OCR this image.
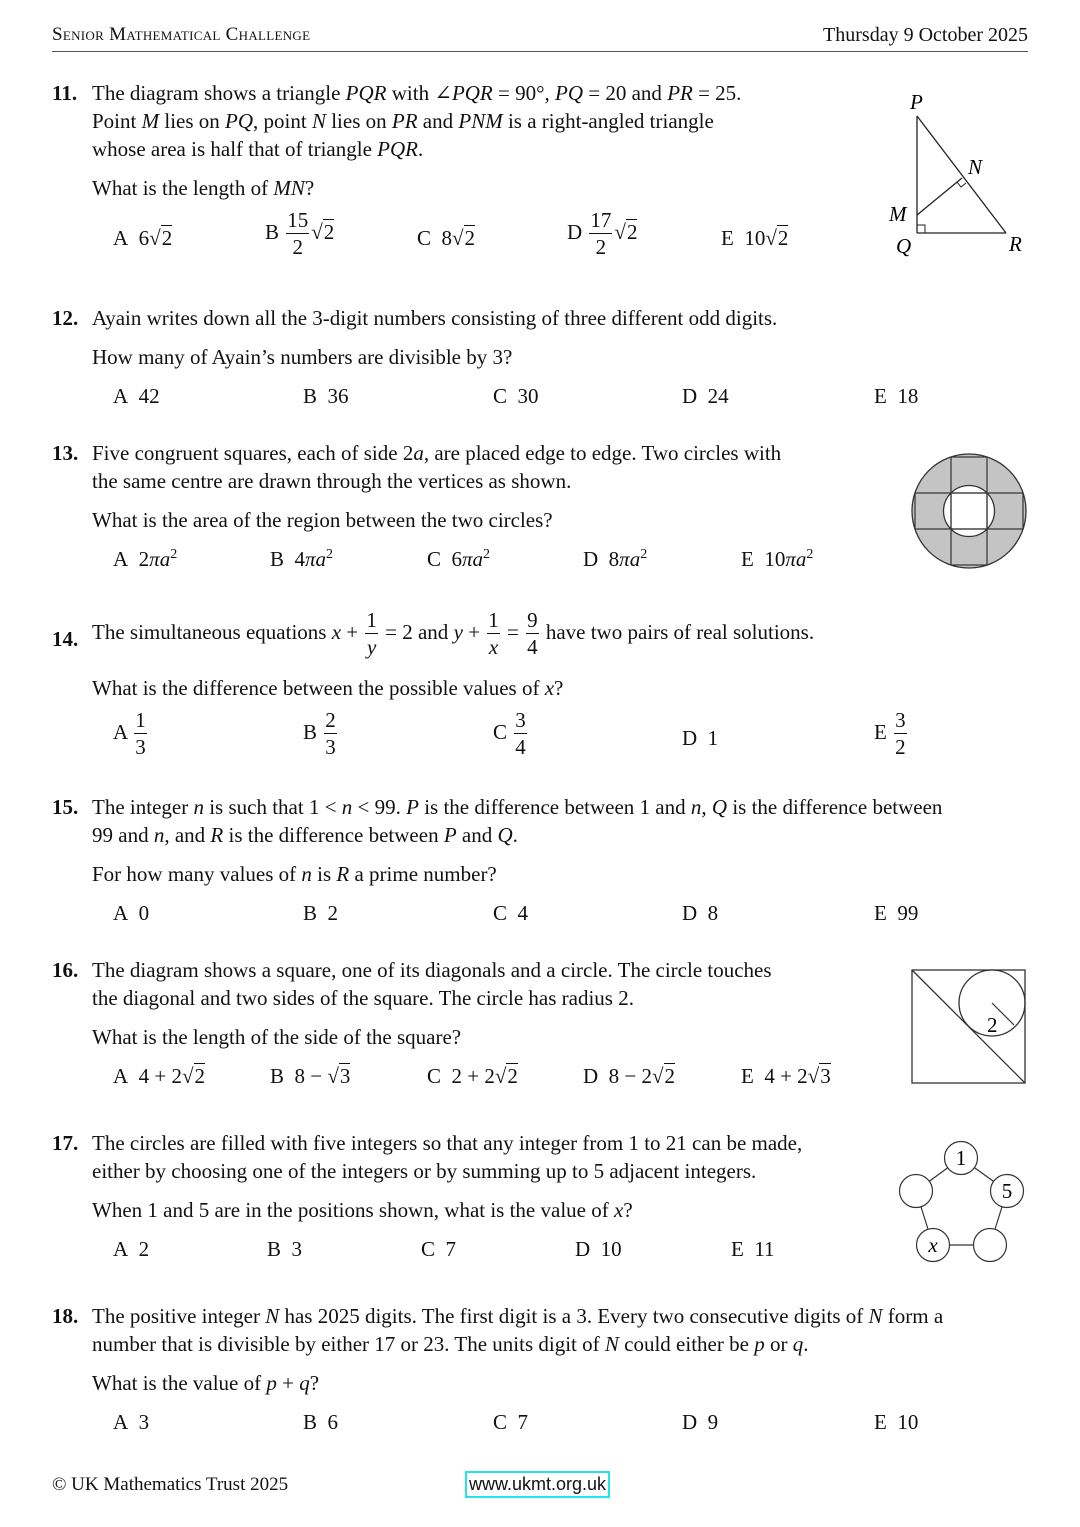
Senior Mathematical Challenge	Thursday 9 October 2025
11. The diagram shows a triangle PQR with ∠PQR = 90°, PQ = 20 and PR = 25.
Point M lies on PQ, point N lies on PR and PNM is a right-angled triangle
whose area is half that of triangle PQR.
What is the length of MN?
A  6√2	B $\frac{15}{2} √2$	C  8√2	D $\frac{17}{2} √2$	E  10√2
P
N
M
Q	R
12. Ayain writes down all the 3-digit numbers consisting of three different odd digits.
How many of Ayain’s numbers are divisible by 3?
A 42	B 36	C 30	D 24	E 18
13. Five congruent squares, each of side 2a, are placed edge to edge. Two circles with
the same centre are drawn through the vertices as shown.
What is the area of the region between the two circles?
A  $2\pi a^2$	B  $4\pi a^2$	C  $6\pi a^2$	D  $8\pi a^2$	E  $10\pi a^2$
14. The simultaneous equations $x + \frac{1}{y} = 2$ and $y + \frac{1}{x} = \frac{9}{4}$ have two pairs of real solutions.
What is the difference between the possible values of x?
A $\frac{1}{3}$	B $\frac{2}{3}$	C $\frac{3}{4}$	D 1	E $\frac{3}{2}$
15. The integer n is such that 1 < n < 99. P is the difference between 1 and n, Q is the difference between
99 and n, and R is the difference between P and Q.
For how many values of n is R a prime number?
A 0	B 2	C 4	D 8	E 99
16. The diagram shows a square, one of its diagonals and a circle. The circle touches
the diagonal and two sides of the square. The circle has radius 2.
What is the length of the side of the square?
A  4 + 2√2	B  8 − √3	C  2 + 2√2	D  8 − 2√2	E  4 + 2√3
2
17. The circles are filled with five integers so that any integer from 1 to 21 can be made,
either by choosing one of the integers or by summing up to 5 adjacent integers.
When 1 and 5 are in the positions shown, what is the value of x?
A 2	B 3	C 7	D 10	E 11
1
5
x
18. The positive integer N has 2025 digits. The first digit is a 3. Every two consecutive digits of N form a
number that is divisible by either 17 or 23. The units digit of N could either be p or q.
What is the value of p + q?
A 3	B 6	C 7	D 9	E 10
© UK Mathematics Trust 2025	www.ukmt.org.uk
